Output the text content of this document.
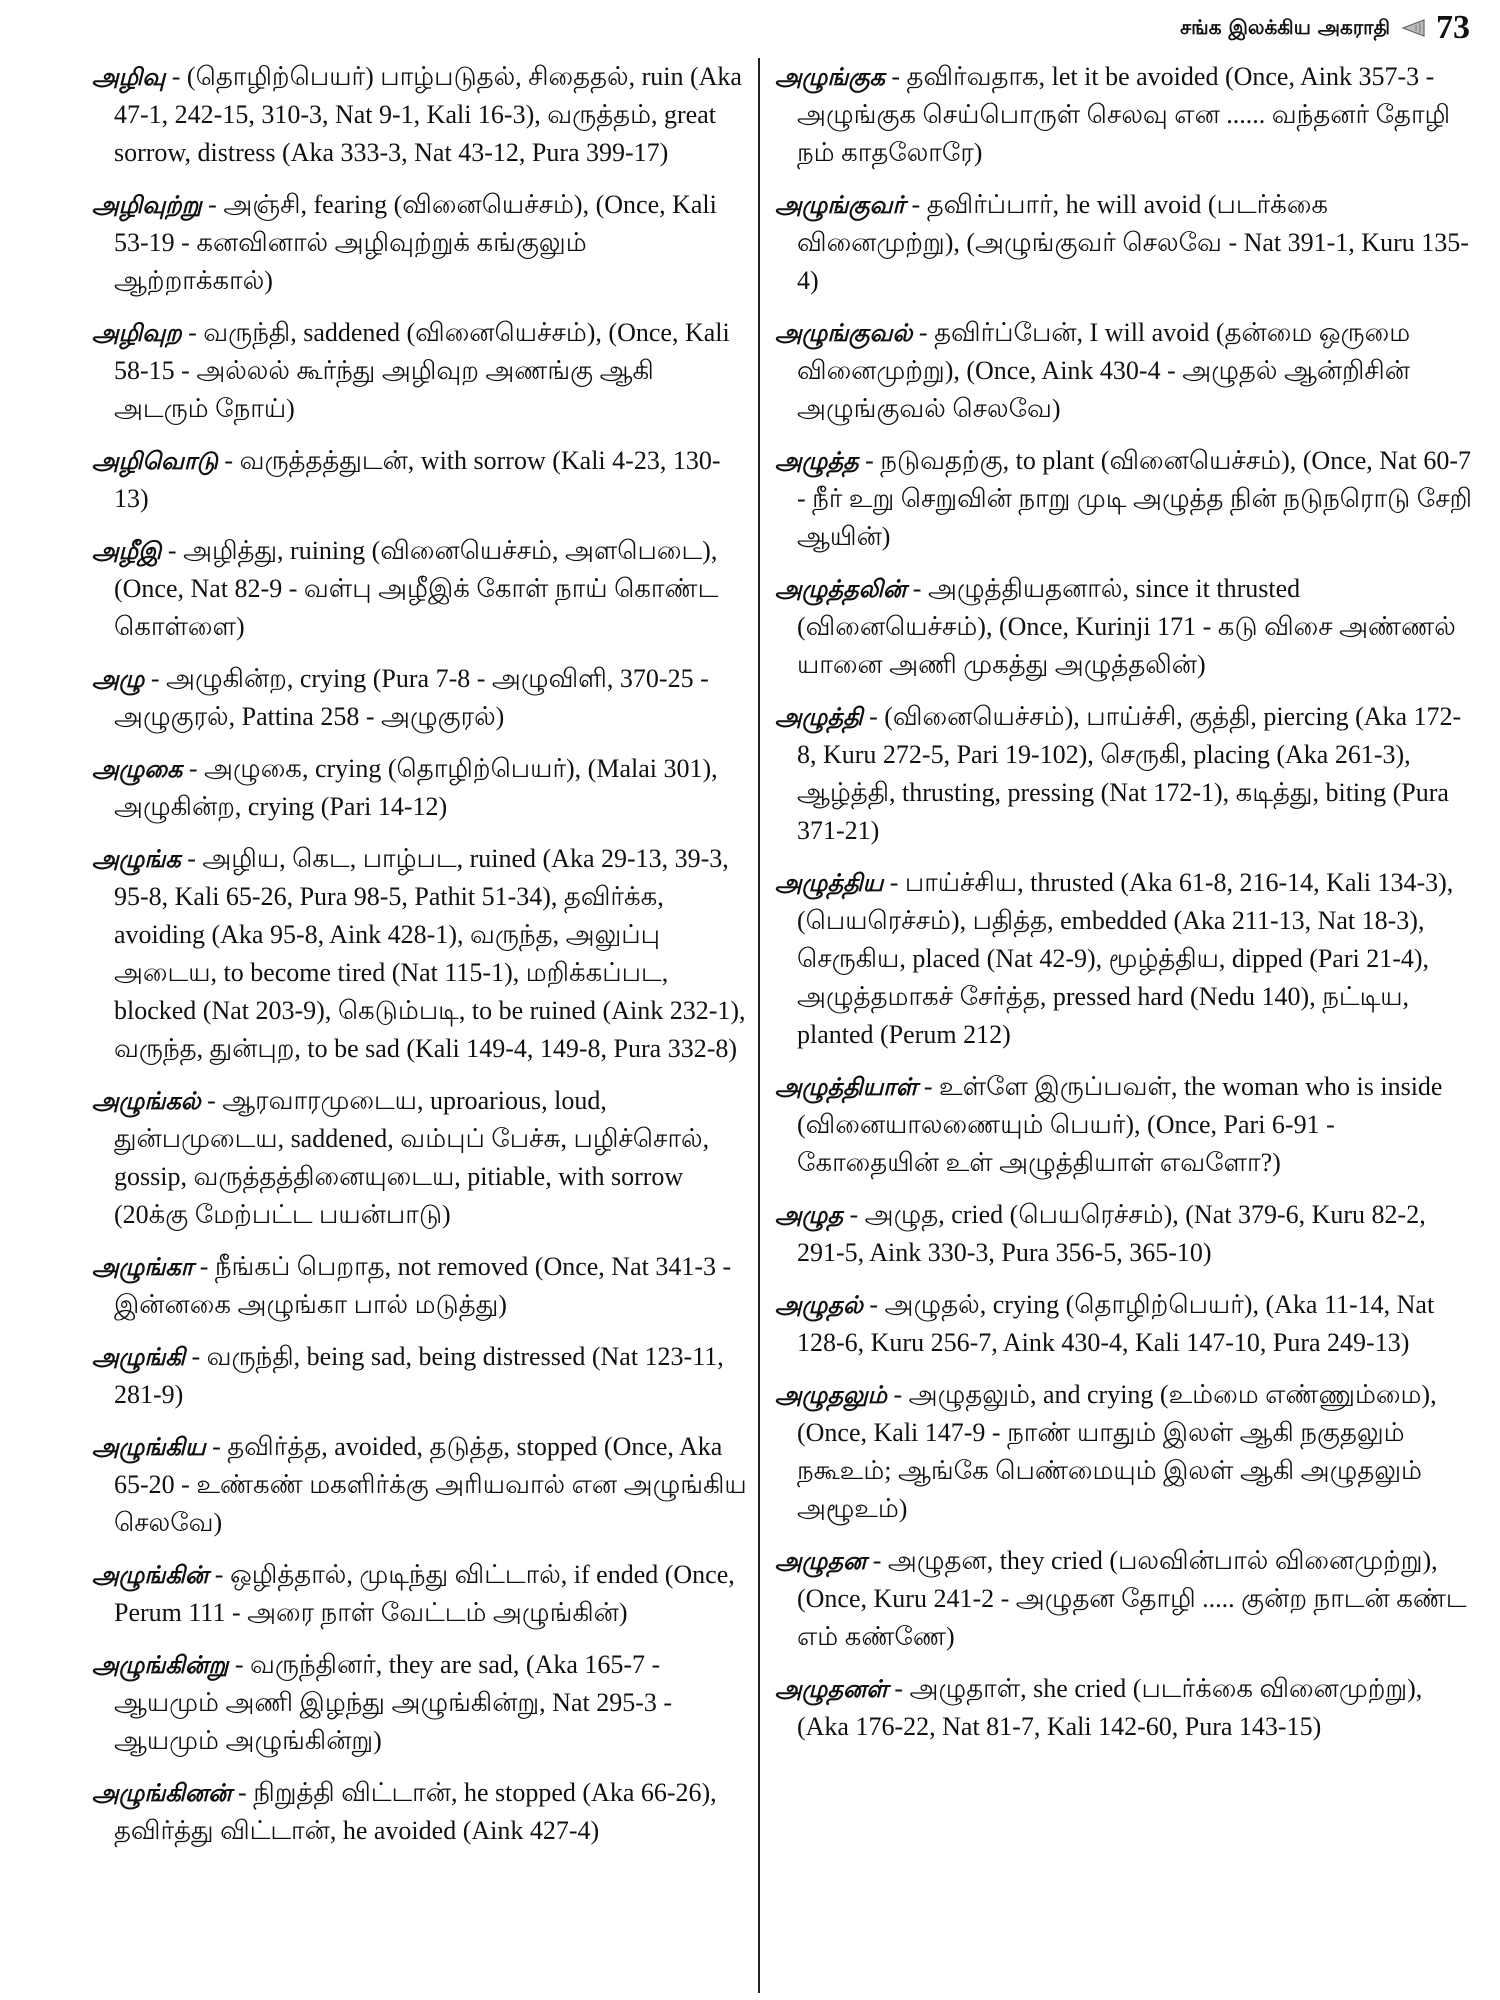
சங்க இலக்கிய அகராதி 73

அழிவு - (தொழிற்பெயர்) பாழ்படுதல், சிதைதல், ruin (Aka 47-1, 242-15, 310-3, Nat 9-1, Kali 16-3), வருத்தம், great sorrow, distress (Aka 333-3, Nat 43-12, Pura 399-17)

அழிவுற்று - அஞ்சி, fearing (வினையெச்சம்), (Once, Kali 53-19 - கனவினால் அழிவுற்றுக் கங்குலும் ஆற்றாக்கால்)

அழிவுற - வருந்தி, saddened (வினையெச்சம்), (Once, Kali 58-15 - அல்லல் கூர்ந்து அழிவுற அணங்கு ஆகி அடரும் நோய்)

அழிவொடு - வருத்தத்துடன், with sorrow (Kali 4-23, 130-13)

அழீஇ - அழித்து, ruining (வினையெச்சம், அளபெடை), (Once, Nat 82-9 - வள்பு அழீஇக் கோள் நாய் கொண்ட கொள்ளை)

அழு - அழுகின்ற, crying (Pura 7-8 - அழுவிளி, 370-25 - அழுகுரல், Pattina 258 - அழுகுரல்)

அழுகை - அழுகை, crying (தொழிற்பெயர்), (Malai 301), அழுகின்ற, crying (Pari 14-12)

அழுங்க - அழிய, கெட, பாழ்பட, ruined (Aka 29-13, 39-3, 95-8, Kali 65-26, Pura 98-5, Pathit 51-34), தவிர்க்க, avoiding (Aka 95-8, Aink 428-1), வருந்த, அலுப்பு அடைய, to become tired (Nat 115-1), மறிக்கப்பட, blocked (Nat 203-9), கெடும்படி, to be ruined (Aink 232-1), வருந்த, துன்புற, to be sad (Kali 149-4, 149-8, Pura 332-8)

அழுங்கல் - ஆரவாரமுடைய, uproarious, loud, துன்பமுடைய, saddened, வம்புப் பேச்சு, பழிச்சொல், gossip, வருத்தத்தினையுடைய, pitiable, with sorrow (20க்கு மேற்பட்ட பயன்பாடு)

அழுங்கா - நீங்கப் பெறாத, not removed (Once, Nat 341-3 - இன்னகை அழுங்கா பால் மடுத்து)

அழுங்கி - வருந்தி, being sad, being distressed (Nat 123-11, 281-9)

அழுங்கிய - தவிர்த்த, avoided, தடுத்த, stopped (Once, Aka 65-20 - உண்கண் மகளிர்க்கு அரியவால் என அழுங்கிய செலவே)

அழுங்கின் - ஒழித்தால், முடிந்து விட்டால், if ended (Once, Perum 111 - அரை நாள் வேட்டம் அழுங்கின்)

அழுங்கின்று - வருந்தினர், they are sad, (Aka 165-7 - ஆயமும் அணி இழந்து அழுங்கின்று, Nat 295-3 - ஆயமும் அழுங்கின்று)

அழுங்கினன் - நிறுத்தி விட்டான், he stopped (Aka 66-26), தவிர்த்து விட்டான், he avoided (Aink 427-4)

அழுங்குக - தவிர்வதாக, let it be avoided (Once, Aink 357-3 - அழுங்குக செய்பொருள் செலவு என ...... வந்தனர் தோழி நம் காதலோரே)

அழுங்குவர் - தவிர்ப்பார், he will avoid (படர்க்கை வினைமுற்று), (அழுங்குவர் செலவே - Nat 391-1, Kuru 135-4)

அழுங்குவல் - தவிர்ப்பேன், I will avoid (தன்மை ஒருமை வினைமுற்று), (Once, Aink 430-4 - அழுதல் ஆன்றிசின் அழுங்குவல் செலவே)

அழுத்த - நடுவதற்கு, to plant (வினையெச்சம்), (Once, Nat 60-7 - நீர் உறு செறுவின் நாறு முடி அழுத்த நின் நடுநரொடு சேறி ஆயின்)

அழுத்தலின் - அழுத்தியதனால், since it thrusted (வினையெச்சம்), (Once, Kurinji 171 - கடு விசை அண்ணல் யானை அணி முகத்து அழுத்தலின்)

அழுத்தி - (வினையெச்சம்), பாய்ச்சி, குத்தி, piercing (Aka 172-8, Kuru 272-5, Pari 19-102), செருகி, placing (Aka 261-3), ஆழ்த்தி, thrusting, pressing (Nat 172-1), கடித்து, biting (Pura 371-21)

அழுத்திய - பாய்ச்சிய, thrusted (Aka 61-8, 216-14, Kali 134-3), (பெயரெச்சம்), பதித்த, embedded (Aka 211-13, Nat 18-3), செருகிய, placed (Nat 42-9), மூழ்த்திய, dipped (Pari 21-4), அழுத்தமாகச் சேர்த்த, pressed hard (Nedu 140), நட்டிய, planted (Perum 212)

அழுத்தியாள் - உள்ளே இருப்பவள், the woman who is inside (வினையாலணையும் பெயர்), (Once, Pari 6-91 - கோதையின் உள் அழுத்தியாள் எவளோ?)

அழுத - அழுத, cried (பெயரெச்சம்), (Nat 379-6, Kuru 82-2, 291-5, Aink 330-3, Pura 356-5, 365-10)

அழுதல் - அழுதல், crying (தொழிற்பெயர்), (Aka 11-14, Nat 128-6, Kuru 256-7, Aink 430-4, Kali 147-10, Pura 249-13)

அழுதலும் - அழுதலும், and crying (உம்மை எண்ணும்மை), (Once, Kali 147-9 - நாண் யாதும் இலள் ஆகி நகுதலும் நகூஉம்; ஆங்கே பெண்மையும் இலள் ஆகி அழுதலும் அழூஉம்)

அழுதன - அழுதன, they cried (பலவின்பால் வினைமுற்று), (Once, Kuru 241-2 - அழுதன தோழி ..... குன்ற நாடன் கண்ட எம் கண்ணே)

அழுதனள் - அழுதாள், she cried (படர்க்கை வினைமுற்று), (Aka 176-22, Nat 81-7, Kali 142-60, Pura 143-15)
